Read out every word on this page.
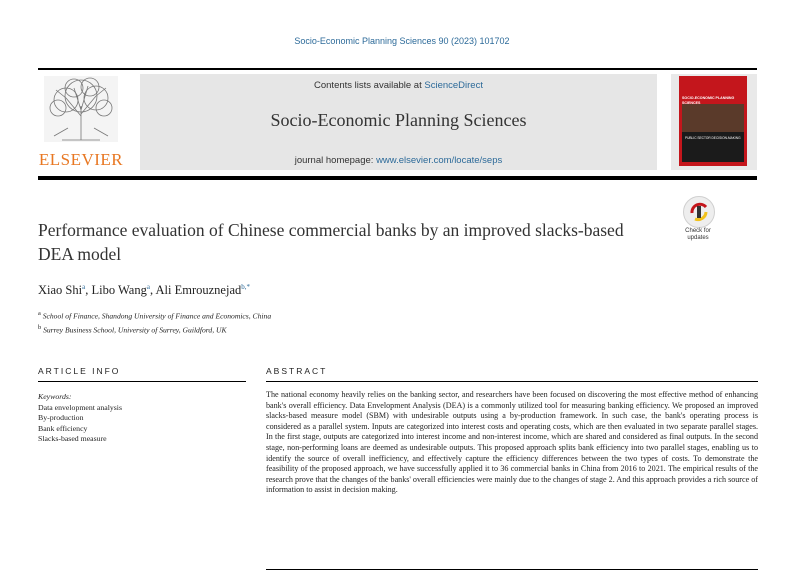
Socio-Economic Planning Sciences 90 (2023) 101702
ELSEVIER
Contents lists available at ScienceDirect
Socio-Economic Planning Sciences
journal homepage: www.elsevier.com/locate/seps
SOCIO-ECONOMIC PLANNING SCIENCES
PUBLIC SECTOR DECISION-MAKING
Check for updates
Performance evaluation of Chinese commercial banks by an improved slacks-based DEA model
Xiao Shi$^a$, Libo Wang$^a$, Ali Emrouznejad$^{b,*}$
$^a$ School of Finance, Shandong University of Finance and Economics, China
$^b$ Surrey Business School, University of Surrey, Guildford, UK
ARTICLE INFO	ABSTRACT
Keywords:
Data envelopment analysis
By-production
Bank efficiency
Slacks-based measure
The national economy heavily relies on the banking sector, and researchers have been focused on discovering the most effective method of enhancing bank's overall efficiency. Data Envelopment Analysis (DEA) is a commonly utilized tool for measuring banking efficiency. We proposed an improved slacks-based measure model (SBM) with undesirable outputs using a by-production framework. In such case, the bank's operating process is considered as a parallel system. Inputs are categorized into interest costs and operating costs, which are then evaluated in two separate parallel stages. In the first stage, outputs are categorized into interest income and non-interest income, which are shared and considered as final outputs. In the second stage, non-performing loans are deemed as undesirable outputs. This proposed approach splits bank efficiency into two parallel stages, enabling us to identify the source of overall inefficiency, and effectively capture the efficiency differences between the two types of costs. To demonstrate the feasibility of the proposed approach, we have successfully applied it to 36 commercial banks in China from 2016 to 2021. The empirical results of the research prove that the changes of the banks' overall efficiencies were mainly due to the changes of stage 2. And this approach provides a rich source of information to assist in decision making.
